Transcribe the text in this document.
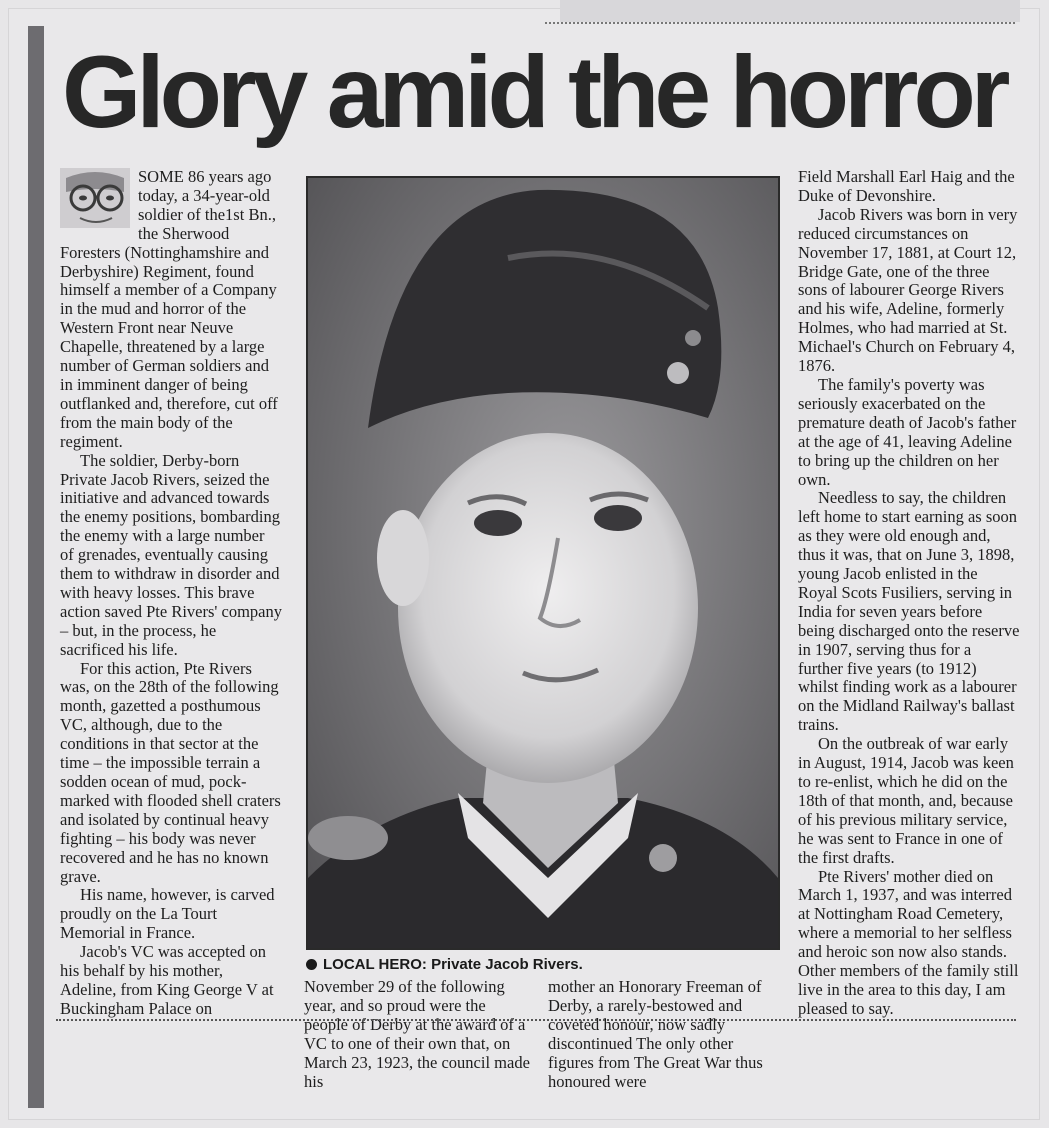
Glory amid the horror

SOME 86 years ago today, a 34-year-old soldier of the1st Bn., the Sherwood Foresters (Nottinghamshire and Derbyshire) Regiment, found himself a member of a Company in the mud and horror of the Western Front near Neuve Chapelle, threatened by a large number of German soldiers and in imminent danger of being outflanked and, therefore, cut off from the main body of the regiment.

The soldier, Derby-born Private Jacob Rivers, seized the initiative and advanced towards the enemy positions, bombarding the enemy with a large number of grenades, eventually causing them to withdraw in disorder and with heavy losses. This brave action saved Pte Rivers' company – but, in the process, he sacrificed his life.

For this action, Pte Rivers was, on the 28th of the following month, gazetted a posthumous VC, although, due to the conditions in that sector at the time – the impossible terrain a sodden ocean of mud, pock-marked with flooded shell craters and isolated by continual heavy fighting – his body was never recovered and he has no known grave.

His name, however, is carved proudly on the La Tourt Memorial in France.

Jacob's VC was accepted on his behalf by his mother, Adeline, from King George V at Buckingham Palace on

LOCAL HERO: Private Jacob Rivers.

November 29 of the following year, and so proud were the people of Derby at the award of a VC to one of their own that, on March 23, 1923, the council made his

mother an Honorary Freeman of Derby, a rarely-bestowed and coveted honour, now sadly discontinued The only other figures from The Great War thus honoured were

Field Marshall Earl Haig and the Duke of Devonshire.

Jacob Rivers was born in very reduced circumstances on November 17, 1881, at Court 12, Bridge Gate, one of the three sons of labourer George Rivers and his wife, Adeline, formerly Holmes, who had married at St. Michael's Church on February 4, 1876.

The family's poverty was seriously exacerbated on the premature death of Jacob's father at the age of 41, leaving Adeline to bring up the children on her own.

Needless to say, the children left home to start earning as soon as they were old enough and, thus it was, that on June 3, 1898, young Jacob enlisted in the Royal Scots Fusiliers, serving in India for seven years before being discharged onto the reserve in 1907, serving thus for a further five years (to 1912) whilst finding work as a labourer on the Midland Railway's ballast trains.

On the outbreak of war early in August, 1914, Jacob was keen to re-enlist, which he did on the 18th of that month, and, because of his previous military service, he was sent to France in one of the first drafts.

Pte Rivers' mother died on March 1, 1937, and was interred at Nottingham Road Cemetery, where a memorial to her selfless and heroic son now also stands. Other members of the family still live in the area to this day, I am pleased to say.
